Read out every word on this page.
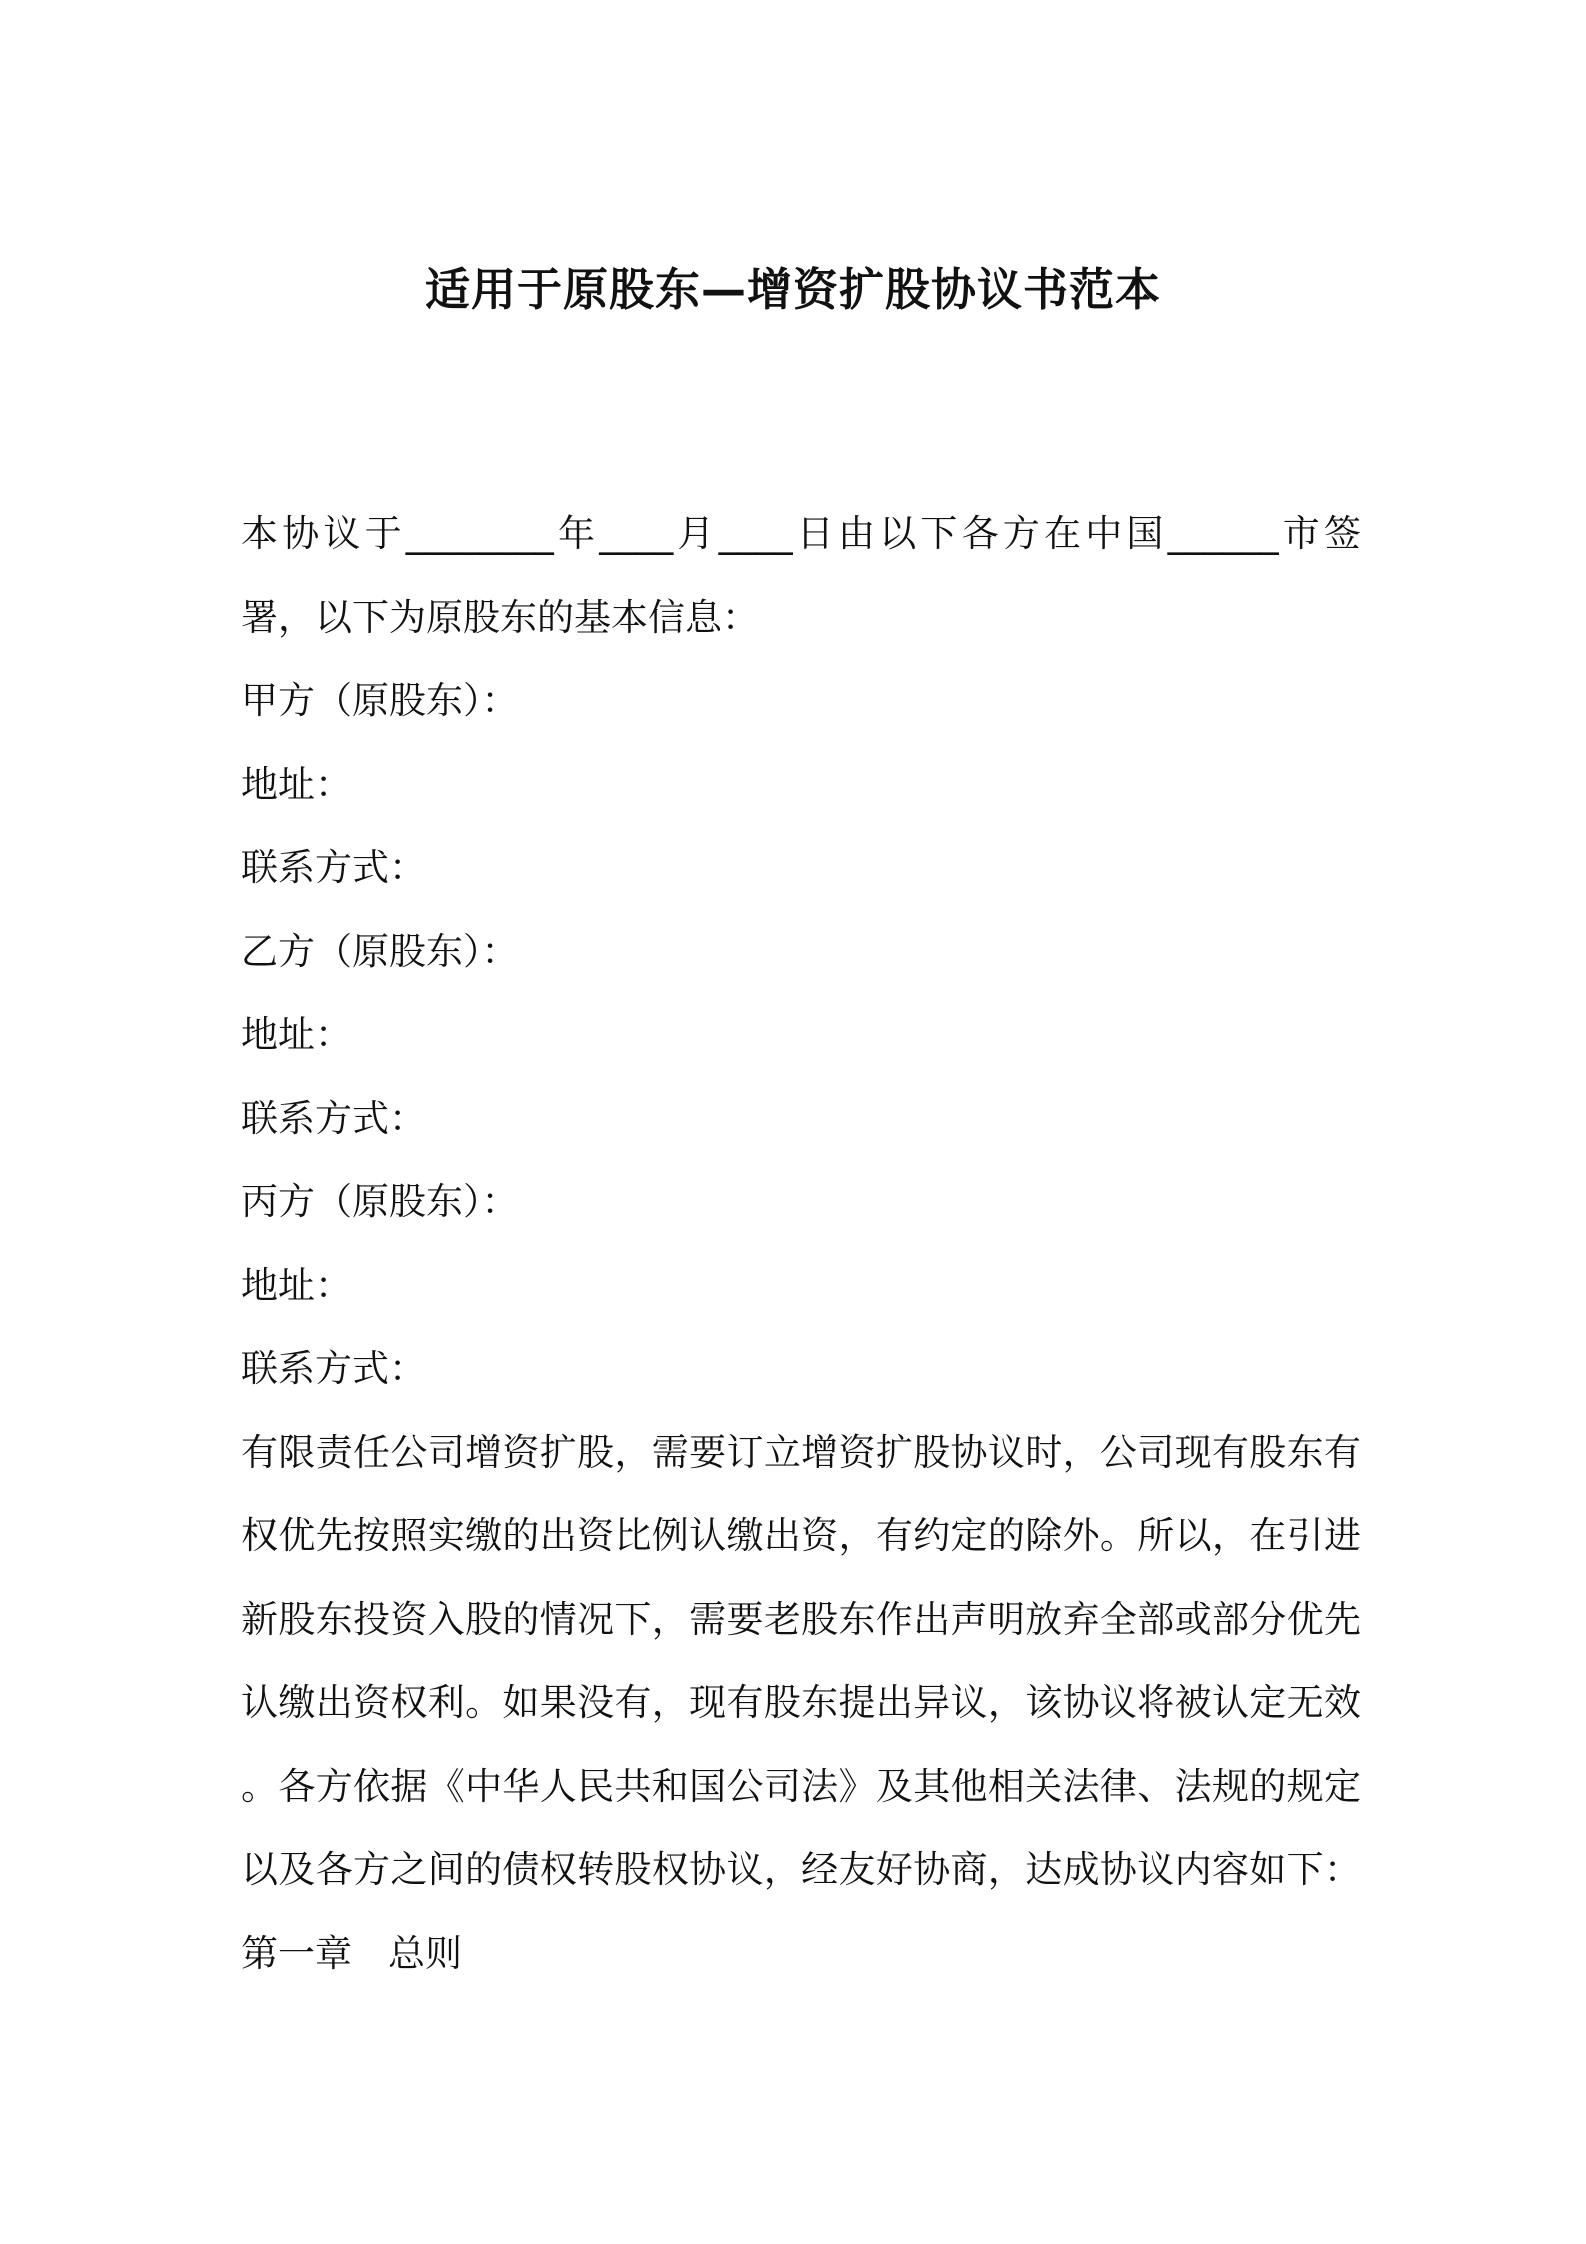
适用于原股东—增资扩股协议书范本
本协议于________年____月____日由以下各方在中国______市签
署，以下为原股东的基本信息：
甲方（原股东）：
地址：
联系方式：
乙方（原股东）：
地址：
联系方式：
丙方（原股东）：
地址：
联系方式：
有限责任公司增资扩股，需要订立增资扩股协议时，公司现有股东有
权优先按照实缴的出资比例认缴出资，有约定的除外。所以，在引进
新股东投资入股的情况下，需要老股东作出声明放弃全部或部分优先
认缴出资权利。如果没有，现有股东提出异议，该协议将被认定无效
。各方依据《中华人民共和国公司法》及其他相关法律、法规的规定
以及各方之间的债权转股权协议，经友好协商，达成协议内容如下：
第一章 总则
